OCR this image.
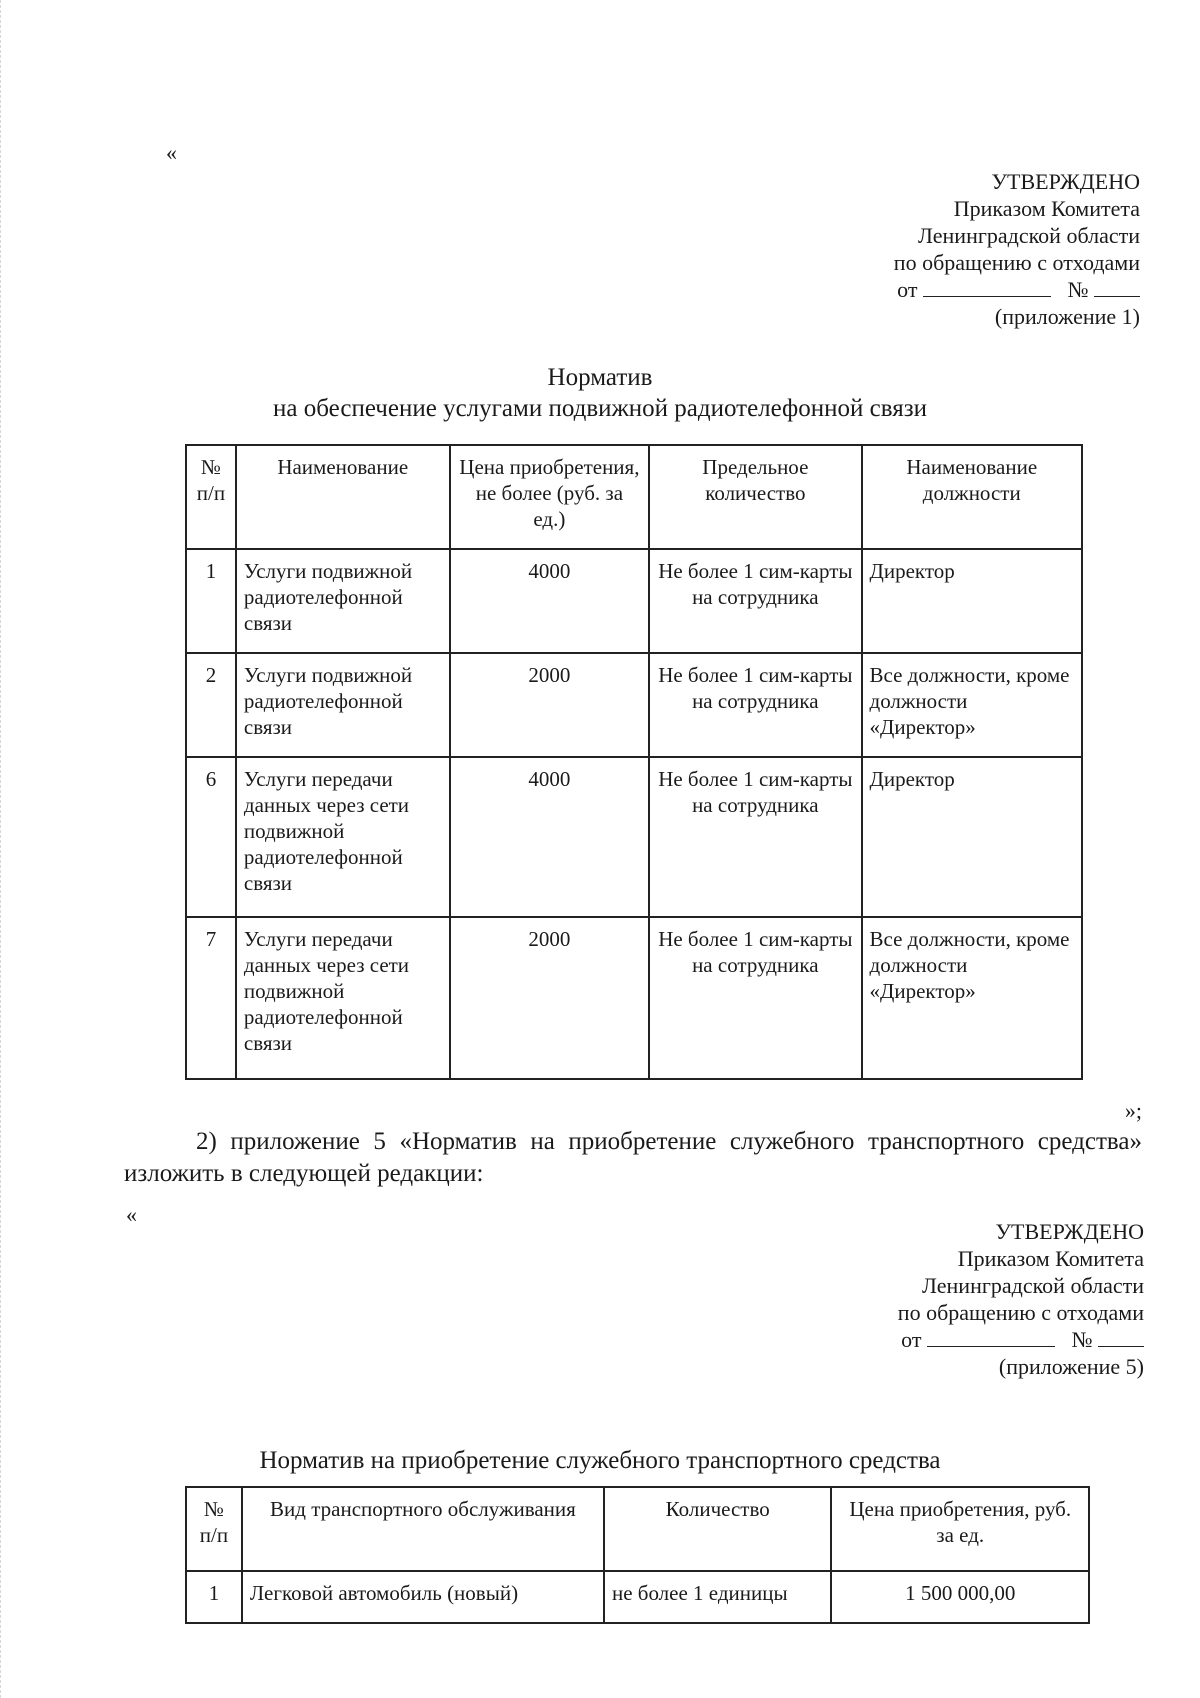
«
УТВЕРЖДЕНО
Приказом Комитета
Ленинградской области
по обращению с отходами
от	№
(приложение 1)
Норматив
на обеспечение услугами подвижной радиотелефонной связи
№ п/п	Наименование	Цена приобретения, не более (руб. за ед.)	Предельное количество	Наименование должности
1	Услуги подвижной радиотелефонной связи	4000	Не более 1 сим-карты на сотрудника	Директор
2	Услуги подвижной радиотелефонной связи	2000	Не более 1 сим-карты на сотрудника	Все должности, кроме должности «Директор»
6	Услуги передачи данных через сети подвижной радиотелефонной связи	4000	Не более 1 сим-карты на сотрудника	Директор
7	Услуги передачи данных через сети подвижной радиотелефонной связи	2000	Не более 1 сим-карты на сотрудника	Все должности, кроме должности «Директор»
»;
2) приложение 5 «Норматив на приобретение служебного транспортного средства» изложить в следующей редакции:
«
УТВЕРЖДЕНО
Приказом Комитета
Ленинградской области
по обращению с отходами
от	№
(приложение 5)
Норматив на приобретение служебного транспортного средства
№ п/п	Вид транспортного обслуживания	Количество	Цена приобретения, руб. за ед.
1	Легковой автомобиль (новый)	не более 1 единицы	1 500 000,00
